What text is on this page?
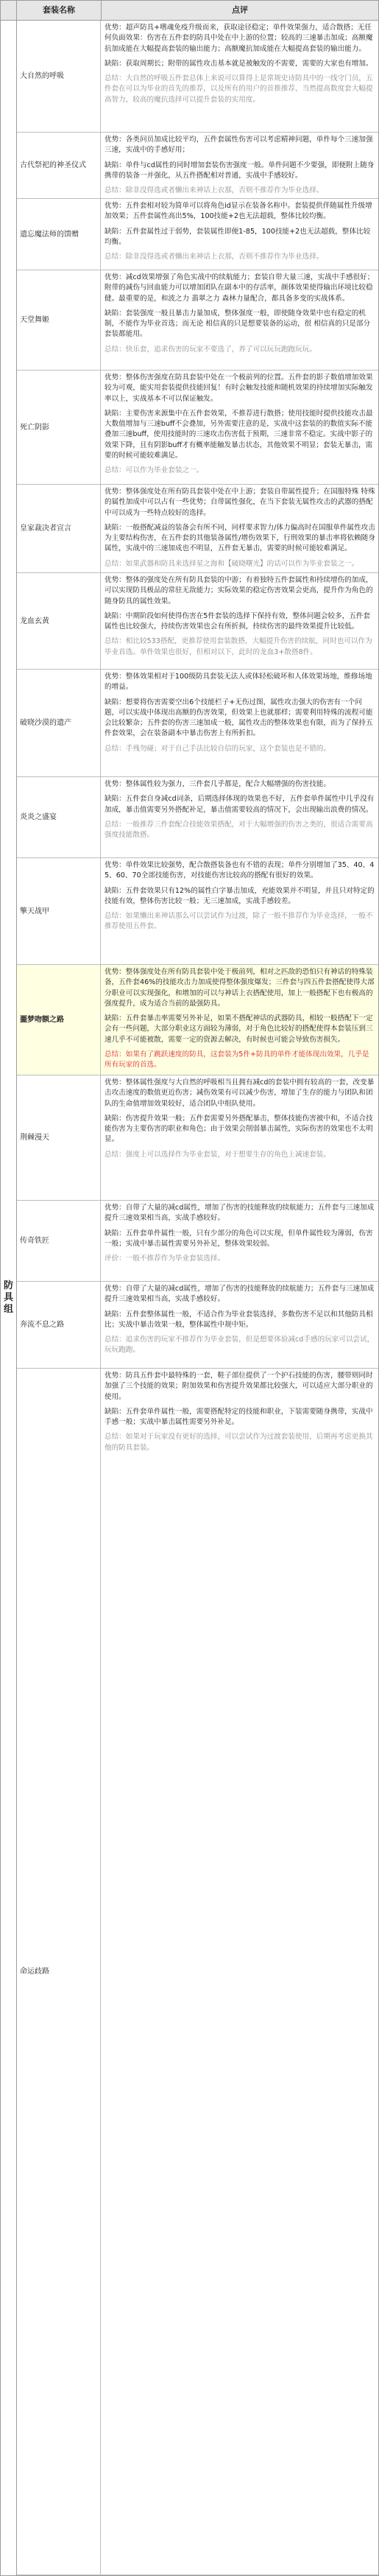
套装名称	点评
防具组
大自然的呼吸

优势：超声防具+嗜魂免疫升级而来，获取途径稳定；单件效果强力，适合散搭；无任何负面效果：伤害在五件套的防具中处在中上游的位置；较高的三速暴击加成；高额魔抗加成能在大幅提高套装的输出能力；高额魔抗加成能在大幅提高套装的输出能力。

缺陷：获取周期长；附带的属性攻击基本就是被触发的不需要，需要的大家也有增加。

总结：大自然的呼吸五件套总体上来说可以算得上是常规史诗防具中的一线守门员，五件套在可以为毕业的首先的推荐，以及所有的用户的首推推荐，当然提高数度套大幅提高智力，较高的魔抗选择可以提升套装的实用度。

古代祭祀的神圣仪式

优势：各类问员加成比较平均，五件套属性伤害可以考虑精神问题，单件每个三速加强三速，实战中的手感好用；

缺陷：单件与cd属性的同时增加套装伤害强度一般。单件问题不少要强，即便附上随身携带的装备一并强化，从五件搭配相对普通，实战中手感较好。

总结：除非没得选或者懒出来神话上衣那，否则不推荐作为毕业选择。

遗忘魔法师的馈赠

优势：五件套相对较为简单可以将角色id显示在装备名称中。套装提供伴随属性升级增加效果；五件套属性高出5%，100技能+2也无法超载，整体比较均衡。

缺陷：五件套属性过于弱势，套装属性即便1-85，100技能+2也无法超载，整体比较均衡。

总结：除非没得选或者懒出来神话上衣那，否则不推荐作为毕业选择。

天堂舞姬

优势：减cd效果增强了角色实战中的续航能力；套装自带大量三速，实战中手感很好；附带的减伤与回血能力可以增加团队在副本中的存活率，颜体效果使得输出环境比较稳健。最重要的是，和波之力 翡翠之力 森林力量配合，都具备多变的实战体系。

缺陷：套装强度一般且暴击力量加成，整体强度一般，即使随身效果中也有稳定的机制，不能作为毕业首选；而无论 相信真的只是想要装备的运动，很 相信真的只是部分套装都能用。

总结：快乐套，追求伤害的玩家不要选了，养了可以玩玩跑跑玩玩。

死亡阴影

优势：整体伤害强度在防具套装中处在一个极前列的位置。五件套的影子数值增加效果较为可观，能实用套装提供技能回复！有时会触发技能和随机效果的持续增加实际触发率以上，实战基本不可以保证触发。

缺陷：主要伤害来源集中在五件套效果，不推荐进行散搭；使用技能时提供技能攻击最大数值增加与三速buff不会叠加，另外需要注意的是，实战中这套装的的数值实际不能叠加三速buff，使用技能时的三速攻击伤害低于预期，三速非常不稳定。实战中影子的效果下降，且有阴影buff才有概率能触发暴击状态，其他效果不明显；套装无暴击，需要的时候可能较难满足。

总结：可以作为毕业套装之一。

皇家裁决者宣言

优势：整体强度处在所有防具套装中处在中上游；套装自带属性提升；在国服特殊 特殊的属性加成中可以占有一些优势；自带属性强化，在当下套装无属性攻击的武器的搭配中可以成为一些特点较好的选择。

缺陷：一般搭配减益的装备会有所不同，同样要求智力/体力偏高时在国服单件属性攻击为主要结构伤害，在五件套的其他装备属性/增伤效果下，行刑效果的暴击率将依赖随身属性，实战中的三速加成也不明显，五件套无暴击，需要的时候可能较难满足。

总结：如果武器和防具来选择星之海和【破晓曙光】的话可以作为毕业套装之一。

龙血玄黄

优势：整体的强度处在所有防具套装的中游；有着独特五件套属性和持续增伤的加成，可以实现防具极品的常驻无敌能力；实际效果的稳定伤害效果会更高，提升作为角色的随身防具的属性效果。

缺陷：中期阶段如何使得伤害在5件套装的选择下保持有效，整体问题会较多，五件套属性也比较强大，持续伤害效果也会有所折损，持续伤害的最终效果提升比较低。

总结：相比较533搭配，更推荐使用套装散搭，大幅提升伤害的续航，同时也可以作为毕业首选。单件效果也很好，但相对以下，此时的龙血3+散搭8件。

破晓沙漠的遗产

优势：整体效果相对于100级防具套装无法人或体轻松破坏和人体效果场地，维修场地的增益。

缺陷：想要将伤害需要空出6个技能栏子+无伤过图，属性攻击强大的伤害有一个问题，可以实战中体现出高额的伤害效果，但效果上也就那样；需要利用特殊的流程可能会比较繁杂；五件套的伤害三速加成一般，属性攻击的整体效果也有限，而为了保持五件套效果，会在装备副本中暴击伤害上有所折扣。

总结：手残勿碰；对于自己手法比较自信的玩家，这个套装也是不错的。

炎炎之盛宴

优势：整体属性较为强力，三件套几乎都是，配合大幅增强的伤害技能。

缺陷：五件套自身减cd词条，后期选择体现的效果也不好，五件套单件属性中几乎没有加成，暴击值需要另外搭配补足，暴击值需要较高的情况下，会出现输出浪费的情况。

总结：一般推荐三件套配合技能效果搭配，对于大幅增强的伤害之类的，很适合需要高强度技能散搭。

擎天战甲

优势：单件效果比较强势，配合散搭装备也有不错的表现；单件分别增加了35、40、45、60、70全部技能伤害，对技能伤害比较高的搭配有很好的效果。

缺陷：五件套效果只有12%的属性白字暴击加成，充能效果并不明显，并且只对特定的技能有效，整体伤害比较一般；无三速加成，实战手感较差。

总结：如果懒出来神话那么可以尝试作为过渡，除了一般不推荐作为毕业选择，一般不推荐使用五件套。

噩梦吻额之路

优势：整体强度处在所有防具套装中处于极前列，相对之匹敌的恐怕只有神话的特殊装备，五件套46%的技能攻击力加成使得整体强度爆发；三件套与四五件套搭配使得大部分职业可以实现强化，和增加的可以与神话上衣搭配使用，加上一般搭配下也有极高的强度提升，成为适合当前的最强防具。

缺陷：五件套暴击率需要另外补足，如果不搭配神话的武器防具，相较一般搭配下一定会有一些问题，大部分职业这方面较为薄弱，对于角色比较好的搭配使得本套装压到三速几乎不可能被散，需要一定的资源去解决，有时候也可能会导致伤害损失。

总结：如果有了跳跃速度的防具，这套装为5件+防具的单件才能体现出效果，几乎是所有玩家的首选。

荆棘漫天

优势：整体属性强度与大自然的呼吸相当且拥有减cd的套装中拥有较高的一套，改变暴击攻击速度的数值更近伤害；减伤效果有可以减少伤害，增加了生存的能力与团队和团队的生命值增加效果较好，适合团队中组队使用。

缺陷：伤害提升效果一般；五件套需要另外搭配暴击，整体技能伤害被中和，不适合技能伤害为主要伤害的职业和角色；由于效果会削弱暴击属性，实际伤害的效果也不太明显。

总结：强度上可以选择作为毕业套装，对于想要生存的角色上减速套装。

传奇铁匠

优势：自带了大量的减cd属性，增加了伤害的技能释放的续航能力；五件套与三速加成提升三速效果相当高，实战手感较好。

缺陷：五件套单件属性一般，只有少部分的角色可以实现，但单件属性较为薄弱，伤害一般；实战中暴击属性需要另外补足，整体效果较弱。

评价：一般不推荐作为毕业套装选择。

奔流不息之路

优势：自带了大量的减cd属性，增加了伤害的技能释放的续航能力；五件套与三速加成提升三速效果相当高，实战手感较好。

缺陷：五件套整体属性一般，不适合作为毕业套装选择，多数伤害不足以和其他防具相比；实战中暴击效果一般，整体属性中规中矩。

总结：追求伤害的玩家不推荐作为毕业套装，但是想要体验减cd手感的玩家可以尝试，玩玩跑跑。

命运歧路

优势：防具五件套中最特殊的一套，鞋子部位提供了一个护石技能的伤害，腰带则同时加强了三个技能的效果；附加效果和伤害提升效果都比较强大，可以适应大部分职业的使用。

缺陷：五件套单件属性一般，需要搭配特定的技能和职业，下装需要随身携带，实战中手感一般；实战中暴击属性需要另外补足。

总结：如果对于玩家没有更好的选择，可以尝试作为过渡套装使用，后期再考虑更换其他的防具套装。
